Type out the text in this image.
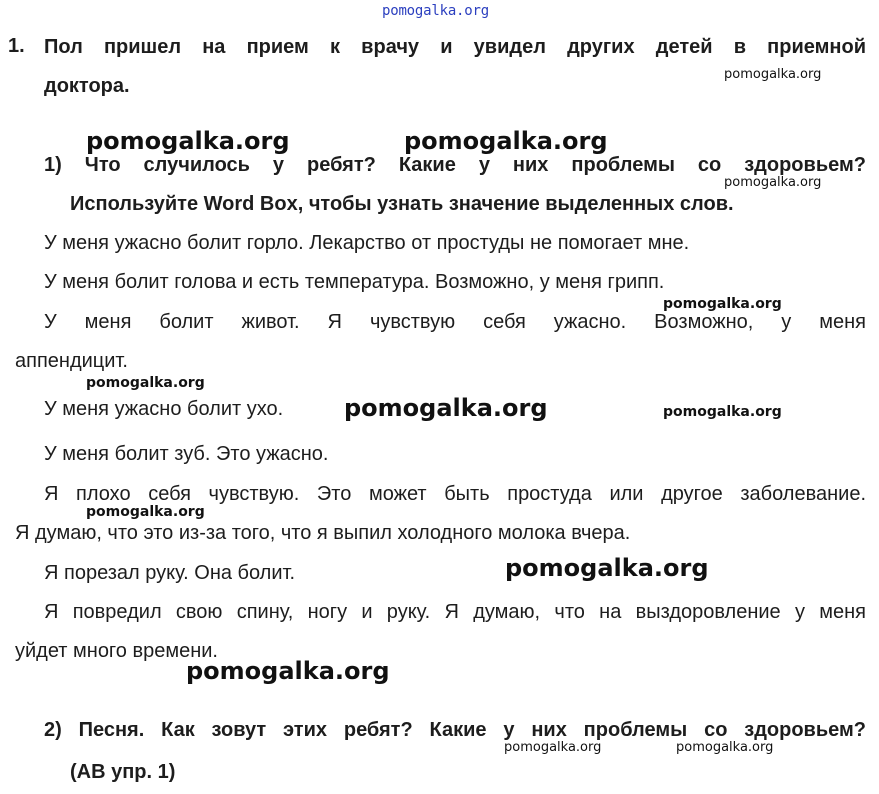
pomogalka.org
1. Пол пришел на прием к врачу и увидел других детей в приемной
доктора.
1) Что случилось у ребят? Какие у них проблемы со здоровьем?
Используйте Word Box, чтобы узнать значение выделенных слов.
У меня ужасно болит горло. Лекарство от простуды не помогает мне.
У меня болит голова и есть температура. Возможно, у меня грипп.
У меня болит живот. Я чувствую себя ужасно. Возможно, у меня
аппендицит.
У меня ужасно болит ухо.
У меня болит зуб. Это ужасно.
Я плохо себя чувствую. Это может быть простуда или другое заболевание.
Я думаю, что это из-за того, что я выпил холодного молока вчера.
Я порезал руку. Она болит.
Я повредил свою спину, ногу и руку. Я думаю, что на выздоровление у меня
уйдет много времени.
2) Песня. Как зовут этих ребят? Какие у них проблемы со здоровьем?
(АВ упр. 1)
pomogalka.org
pomogalka.org	pomogalka.org
pomogalka.org
pomogalka.org
pomogalka.org
pomogalka.org	pomogalka.org
pomogalka.org
pomogalka.org
pomogalka.org
pomogalka.org	pomogalka.org
